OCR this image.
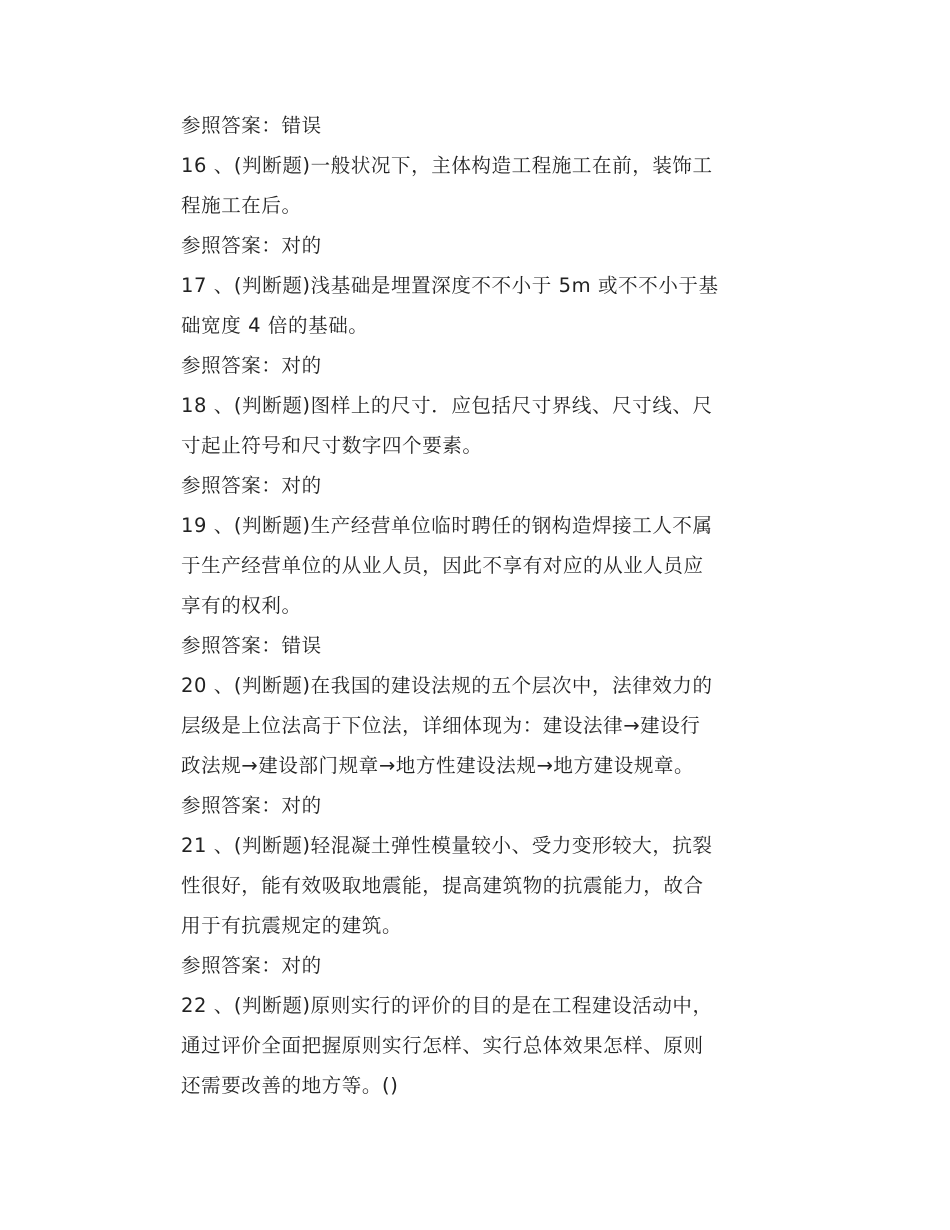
参照答案：错误
16 、(判断题)一般状况下，主体构造工程施工在前，装饰工
程施工在后。
参照答案：对的
17 、(判断题)浅基础是埋置深度不不小于 5m 或不不小于基
础宽度 4 倍的基础。
参照答案：对的
18 、(判断题)图样上的尺寸．应包括尺寸界线、尺寸线、尺
寸起止符号和尺寸数字四个要素。
参照答案：对的
19 、(判断题)生产经营单位临时聘任的钢构造焊接工人不属
于生产经营单位的从业人员，因此不享有对应的从业人员应
享有的权利。
参照答案：错误
20 、(判断题)在我国的建设法规的五个层次中，法律效力的
层级是上位法高于下位法，详细体现为：建设法律→建设行
政法规→建设部门规章→地方性建设法规→地方建设规章。
参照答案：对的
21 、(判断题)轻混凝土弹性模量较小、受力变形较大，抗裂
性很好，能有效吸取地震能，提高建筑物的抗震能力，故合
用于有抗震规定的建筑。
参照答案：对的
22 、(判断题)原则实行的评价的目的是在工程建设活动中，
通过评价全面把握原则实行怎样、实行总体效果怎样、原则
还需要改善的地方等。()
